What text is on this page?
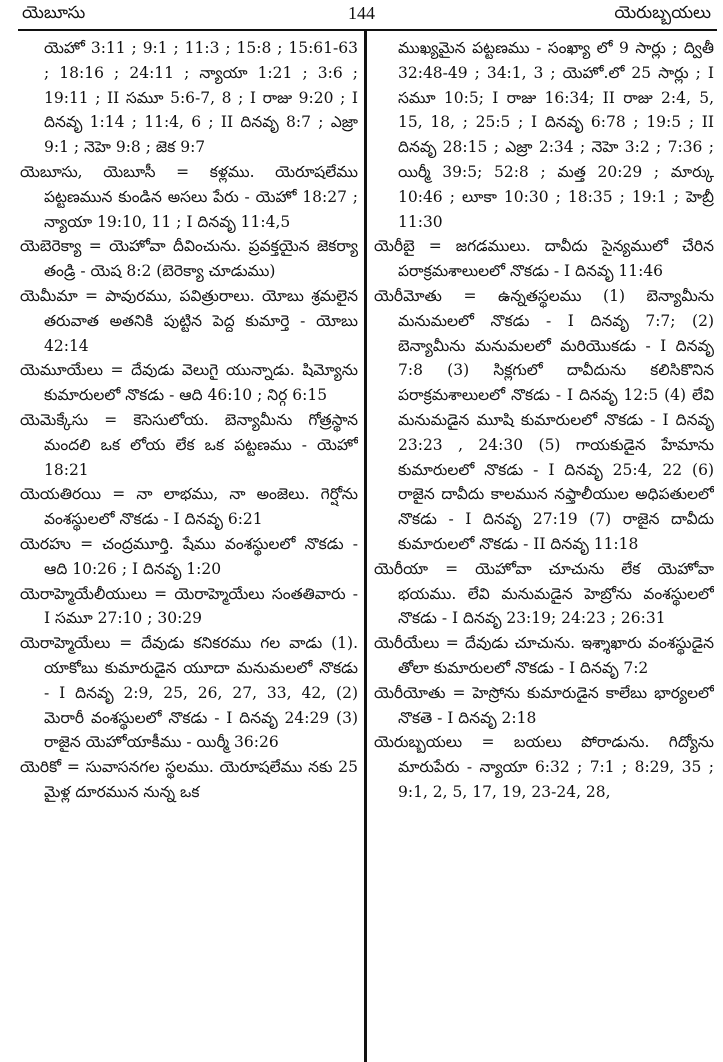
యెబూసు	144	యెరుబ్బయలు

యెహో 3:11 ; 9:1 ; 11:3 ; 15:8 ; 15:61-63 ; 18:16 ; 24:11 ; న్యాయా 1:21 ; 3:6 ; 19:11 ; II సమూ 5:6-7, 8 ; I రాజు 9:20 ; I దినవృ 1:14 ; 11:4, 6 ; II దినవృ 8:7 ; ఎజ్రా 9:1 ; నెహె 9:8 ; జెక 9:7

యెబూసు, యెబూసీ = కళ్లము. యెరూషలేము పట్టణమున కుండిన అసలు పేరు - యెహో 18:27 ; న్యాయా 19:10, 11 ; I దినవృ 11:4,5

యెబెరెక్యా = యెహోవా దీవించును. ప్రవక్తయైన జెకర్యా తండ్రి - యెష 8:2 (బెరెక్యా చూడుము)

యెమీమా = పావురము, పవిత్రురాలు. యోబు శ్రమలైన తరువాత అతనికి పుట్టిన పెద్ద కుమార్తె - యోబు 42:14

యెమూయేలు = దేవుడు వెలుగై యున్నాడు. షిమ్యోను కుమారులలో నొకడు - ఆది 46:10 ; నిర్గ 6:15

యెమెక్కేసు = కెసెసులోయ. బెన్యామీను గోత్రస్థాన మందలి ఒక లోయ లేక ఒక పట్టణము - యెహో 18:21

యెయతిరయి = నా లాభము, నా అంజెలు. గెర్షోను వంశస్థులలో నొకడు - I దినవృ 6:21

యెరహు = చంద్రమూర్తి. షేము వంశస్థులలో నొకడు - ఆది 10:26 ; I దినవృ 1:20

యెరాహ్మెయేలీయులు = యెరాహ్మెయేలు సంతతివారు - I సమూ 27:10 ; 30:29

యెరాహ్మెయేలు = దేవుడు కనికరము గల వాడు (1). యాకోబు కుమారుడైన యూదా మనుమలలో నొకడు - I దినవృ 2:9, 25, 26, 27, 33, 42, (2) మెరారీ వంశస్థులలో నొకడు - I దినవృ 24:29 (3) రాజైన యెహోయాకీము - యిర్మీ 36:26

యెరికో = సువాసనగల స్థలము. యెరూషలేము నకు 25 మైళ్ల దూరమున నున్న ఒక

ముఖ్యమైన పట్టణము - సంఖ్యా లో 9 సార్లు ; ద్వితీ 32:48-49 ; 34:1, 3 ; యెహో.లో 25 సార్లు ; I సమూ 10:5; I రాజు 16:34; II రాజు 2:4, 5, 15, 18, ; 25:5 ; I దినవృ 6:78 ; 19:5 ; II దినవృ 28:15 ; ఎజ్రా 2:34 ; నెహె 3:2 ; 7:36 ; యిర్మీ 39:5; 52:8 ; మత్త 20:29 ; మార్కు 10:46 ; లూకా 10:30 ; 18:35 ; 19:1 ; హెబ్రీ 11:30

యెరీబై = జగడములు. దావీదు సైన్యములో చేరిన పరాక్రమశాలులలో నొకడు - I దినవృ 11:46

యెరీమోతు = ఉన్నతస్థలము (1) బెన్యామీను మనుమలలో నొకడు - I దినవృ 7:7; (2) బెన్యామీను మనుమలలో మరియొకడు - I దినవృ 7:8 (3) సిక్లగులో దావీదును కలిసికొనిన పరాక్రమశాలులలో నొకడు - I దినవృ 12:5 (4) లేవి మనుమడైన మూషి కుమారులలో నొకడు - I దినవృ 23:23 , 24:30 (5) గాయకుడైన హేమాను కుమారులలో నొకడు - I దినవృ 25:4, 22 (6) రాజైన దావీదు కాలమున నఫ్తాలీయుల అధిపతులలో నొకడు - I దినవృ 27:19 (7) రాజైన దావీదు కుమారులలో నొకడు - II దినవృ 11:18

యెరీయా = యెహోవా చూచును లేక యెహోవా భయము. లేవి మనుమడైన హెబ్రోను వంశస్థులలో నొకడు - I దినవృ 23:19; 24:23 ; 26:31

యెరీయేలు = దేవుడు చూచును. ఇశ్శాఖారు వంశస్థుడైన తోలా కుమారులలో నొకడు - I దినవృ 7:2

యెరీయోతు = హెస్రోను కుమారుడైన కాలేబు భార్యలలో నొకతె - I దినవృ 2:18

యెరుబ్బయలు = బయలు పోరాడును. గిద్యోను మారుపేరు - న్యాయా 6:32 ; 7:1 ; 8:29, 35 ; 9:1, 2, 5, 17, 19, 23-24, 28,
